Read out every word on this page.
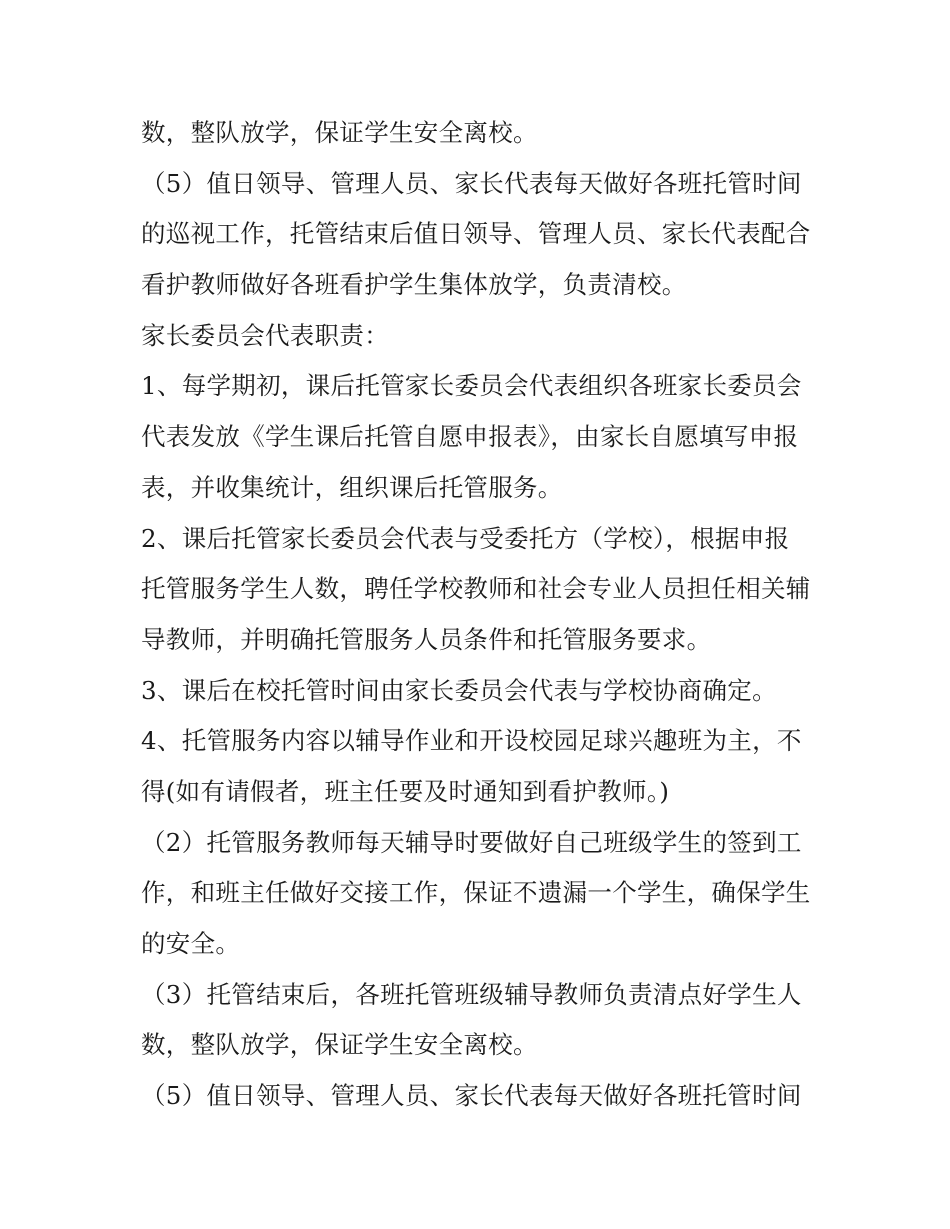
数，整队放学，保证学生安全离校。
（5）值日领导、管理人员、家长代表每天做好各班托管时间
的巡视工作，托管结束后值日领导、管理人员、家长代表配合
看护教师做好各班看护学生集体放学，负责清校。
家长委员会代表职责：
1、每学期初，课后托管家长委员会代表组织各班家长委员会
代表发放《学生课后托管自愿申报表》，由家长自愿填写申报
表，并收集统计，组织课后托管服务。
2、课后托管家长委员会代表与受委托方（学校），根据申报
托管服务学生人数，聘任学校教师和社会专业人员担任相关辅
导教师，并明确托管服务人员条件和托管服务要求。
3、课后在校托管时间由家长委员会代表与学校协商确定。
4、托管服务内容以辅导作业和开设校园足球兴趣班为主，不
得(如有请假者，班主任要及时通知到看护教师。)
（2）托管服务教师每天辅导时要做好自己班级学生的签到工
作，和班主任做好交接工作，保证不遗漏一个学生，确保学生
的安全。
（3）托管结束后，各班托管班级辅导教师负责清点好学生人
数，整队放学，保证学生安全离校。
（5）值日领导、管理人员、家长代表每天做好各班托管时间
